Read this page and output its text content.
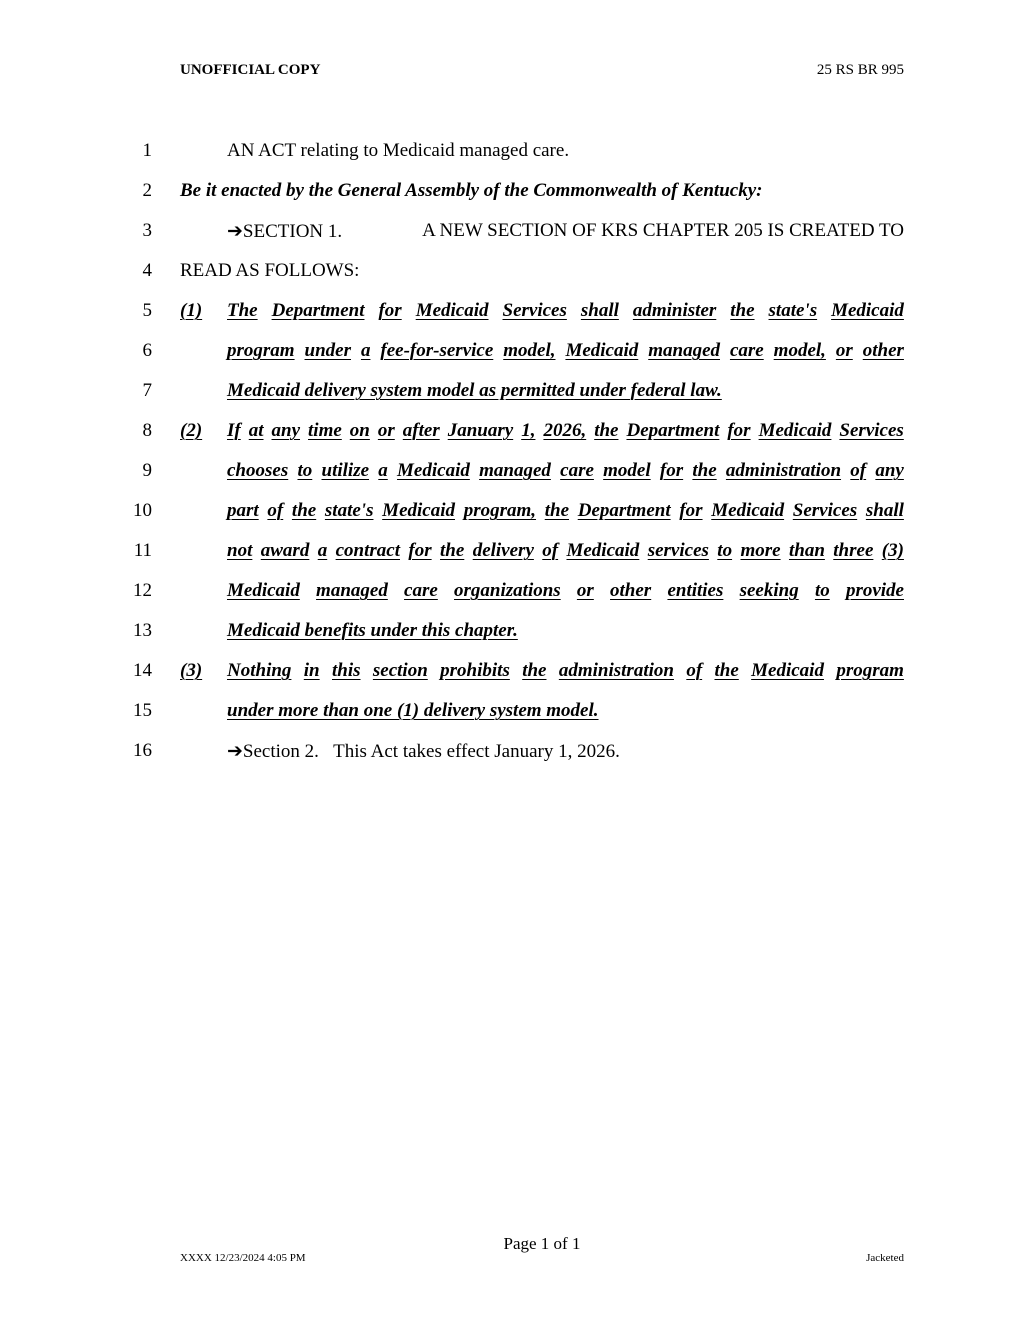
UNOFFICIAL COPY	25 RS BR 995
1
2
3
4
5
6
7
8
9
10
11
12
13
14
15
16
AN ACT relating to Medicaid managed care.
Be it enacted by the General Assembly of the Commonwealth of Kentucky:
➔SECTION 1.	A NEW SECTION OF KRS CHAPTER 205 IS CREATED TO
READ AS FOLLOWS:
(1) The Department for Medicaid Services shall administer the state's Medicaid
program under a fee-for-service model, Medicaid managed care model, or other
Medicaid delivery system model as permitted under federal law.
(2) If at any time on or after January 1, 2026, the Department for Medicaid Services
chooses to utilize a Medicaid managed care model for the administration of any
part of the state's Medicaid program, the Department for Medicaid Services shall
not award a contract for the delivery of Medicaid services to more than three (3)
Medicaid managed care organizations or other entities seeking to provide
Medicaid benefits under this chapter.
(3) Nothing in this section prohibits the administration of the Medicaid program
under more than one (1) delivery system model.
➔Section 2. This Act takes effect January 1, 2026.
Page 1 of 1
XXXX 12/23/2024 4:05 PM	Jacketed
